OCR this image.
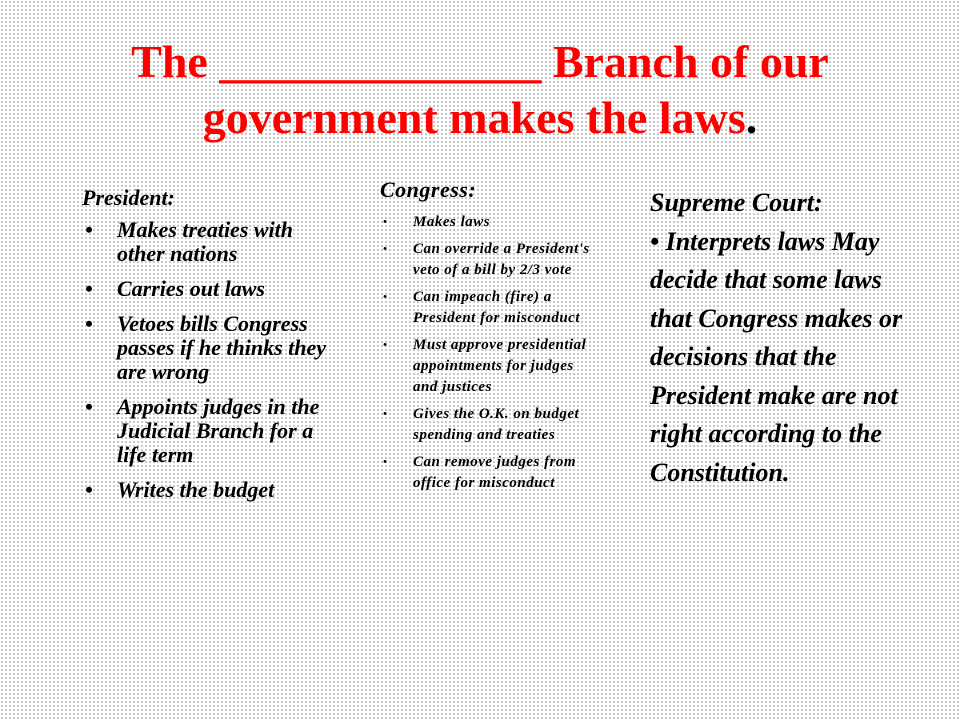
The ______________ Branch of our government makes the laws.
President:
• Makes treaties with other nations
• Carries out laws
• Vetoes bills Congress passes if he thinks they are wrong
• Appoints judges in the Judicial Branch for a life term
• Writes the budget
Congress:
• Makes laws
• Can override a President's veto of a bill by 2/3 vote
• Can impeach (fire) a President for misconduct
• Must approve presidential appointments for judges and justices
• Gives the O.K. on budget spending and treaties
• Can remove judges from office for misconduct
Supreme Court:
• Interprets laws May decide that some laws that Congress makes or decisions that the President make are not right according to the Constitution.
